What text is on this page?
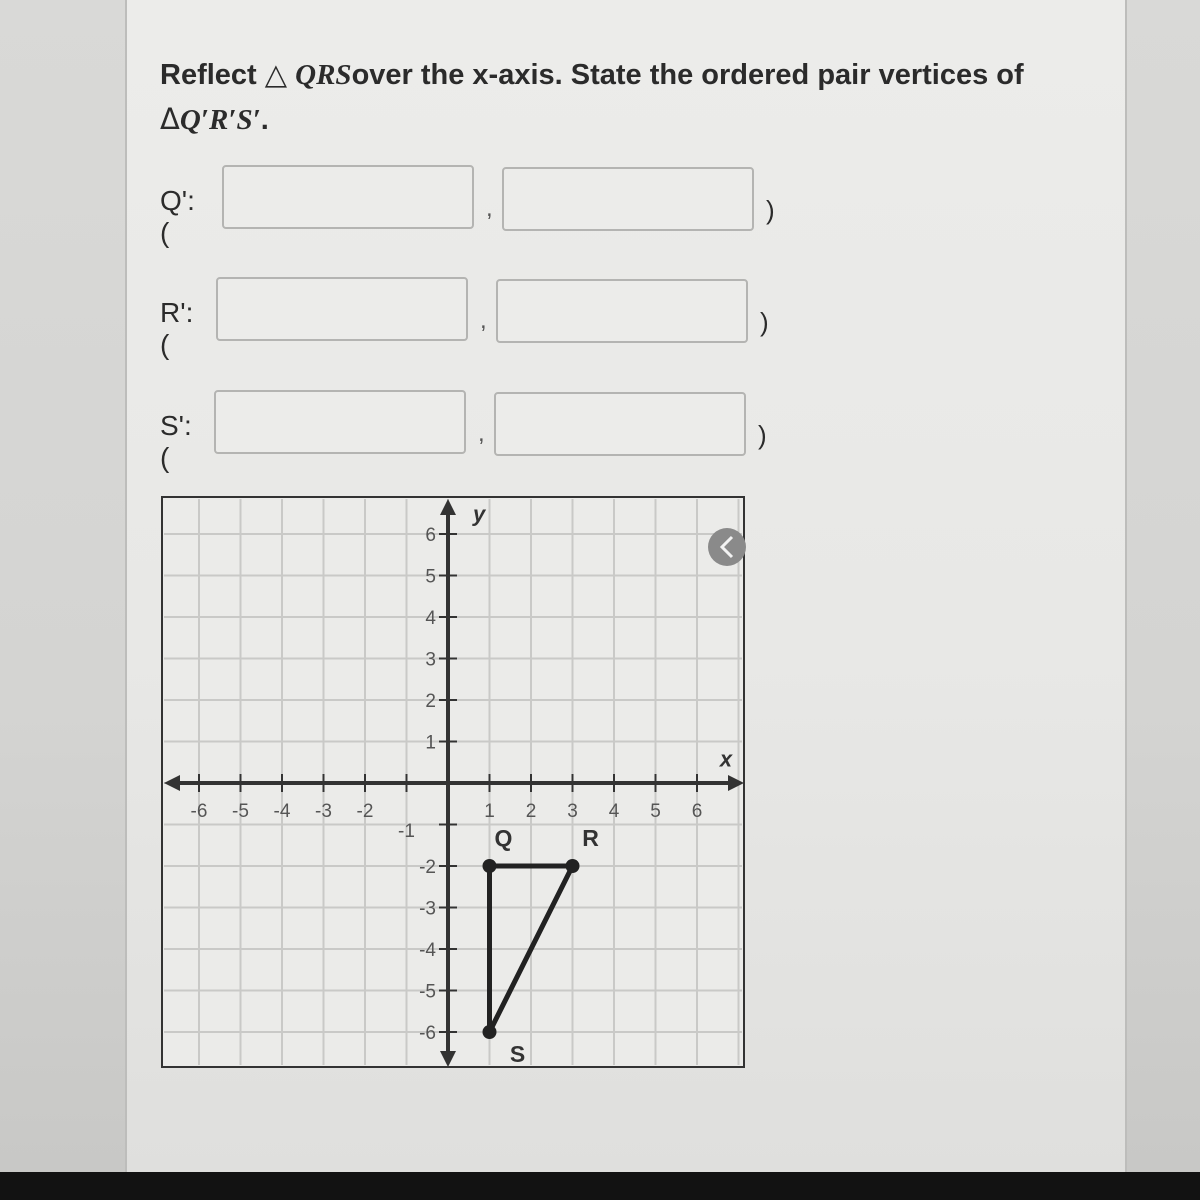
Reflect △ QRSover the x-axis. State the ordered pair vertices of
ΔQ′R′S′.
Q': (
,	)
R': (
,	)
S': (
,	)
x
y
-6 -5 -4 -3 -2
-1
1 2 3 4 5 6
6
5
4
3
2
1
-2
-3
-4
-5
-6
Q	R
S
